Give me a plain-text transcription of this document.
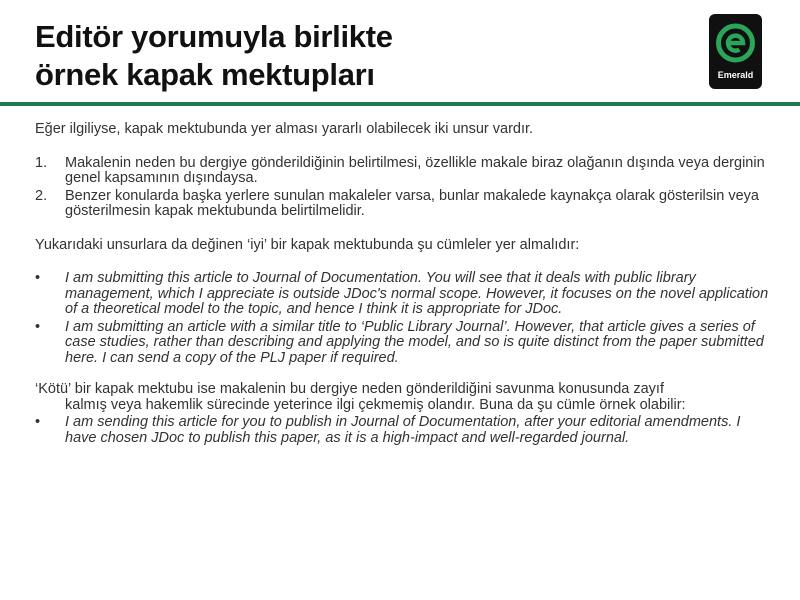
Editör yorumuyla birlikte
örnek kapak mektupları	Emerald

Eğer ilgiliyse, kapak mektubunda yer alması yararlı olabilecek iki unsur vardır.

1. Makalenin neden bu dergiye gönderildiğinin belirtilmesi, özellikle makale biraz olağanın dışında veya derginin genel kapsamının dışındaysa.
2. Benzer konularda başka yerlere sunulan makaleler varsa, bunlar makalede kaynakça olarak gösterilsin veya gösterilmesin kapak mektubunda belirtilmelidir.

Yukarıdaki unsurlara da değinen ‘iyi’ bir kapak mektubunda şu cümleler yer almalıdır:

• I am submitting this article to Journal of Documentation. You will see that it deals with public library management, which I appreciate is outside JDoc's normal scope. However, it focuses on the novel application of a theoretical model to the topic, and hence I think it is appropriate for JDoc.
• I am submitting an article with a similar title to ‘Public Library Journal’. However, that article gives a series of case studies, rather than describing and applying the model, and so is quite distinct from the paper submitted here. I can send a copy of the PLJ paper if required.

‘Kötü’ bir kapak mektubu ise makalenin bu dergiye neden gönderildiğini savunma konusunda zayıf
kalmış veya hakemlik sürecinde yeterince ilgi çekmemiş olandır. Buna da şu cümle örnek olabilir:

• I am sending this article for you to publish in Journal of Documentation, after your editorial amendments. I have chosen JDoc to publish this paper, as it is a high-impact and well-regarded journal.
